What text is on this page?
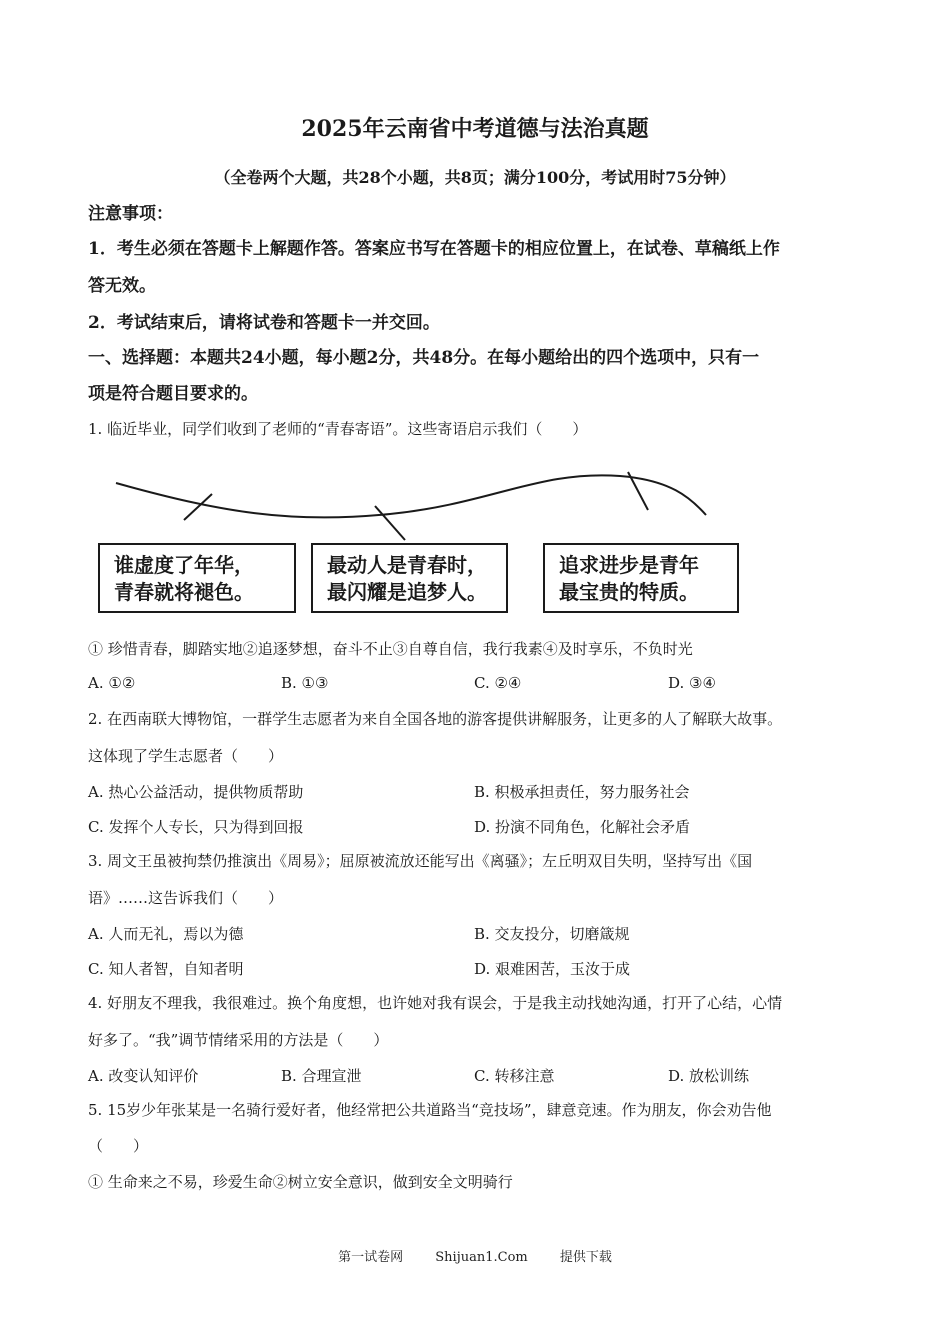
2025年云南省中考道德与法治真题
（全卷两个大题，共28个小题，共8页；满分100分，考试用时75分钟）
注意事项：
1．考生必须在答题卡上解题作答。答案应书写在答题卡的相应位置上，在试卷、草稿纸上作
答无效。
2．考试结束后，请将试卷和答题卡一并交回。
一、选择题：本题共24小题，每小题2分，共48分。在每小题给出的四个选项中，只有一
项是符合题目要求的。
1. 临近毕业，同学们收到了老师的“青春寄语”。这些寄语启示我们（　　）
谁虚度了年华，
青春就将褪色。
最动人是青春时，
最闪耀是追梦人。
追求进步是青年
最宝贵的特质。
① 珍惜青春，脚踏实地②追逐梦想，奋斗不止③自尊自信，我行我素④及时享乐，不负时光
A. ①②	B. ①③	C. ②④	D. ③④
2. 在西南联大博物馆，一群学生志愿者为来自全国各地的游客提供讲解服务，让更多的人了解联大故事。
这体现了学生志愿者（　　）
A. 热心公益活动，提供物质帮助	B. 积极承担责任，努力服务社会
C. 发挥个人专长，只为得到回报	D. 扮演不同角色，化解社会矛盾
3. 周文王虽被拘禁仍推演出《周易》；屈原被流放还能写出《离骚》；左丘明双目失明，坚持写出《国
语》……这告诉我们（　　）
A. 人而无礼，焉以为德	B. 交友投分，切磨箴规
C. 知人者智，自知者明	D. 艰难困苦，玉汝于成
4. 好朋友不理我，我很难过。换个角度想，也许她对我有误会，于是我主动找她沟通，打开了心结，心情
好多了。“我”调节情绪采用的方法是（　　）
A. 改变认知评价	B. 合理宣泄	C. 转移注意	D. 放松训练
5. 15岁少年张某是一名骑行爱好者，他经常把公共道路当“竞技场”，肆意竞速。作为朋友，你会劝告他
（　　）
① 生命来之不易，珍爱生命②树立安全意识，做到安全文明骑行
第一试卷网 Shijuan1.Com 提供下载
